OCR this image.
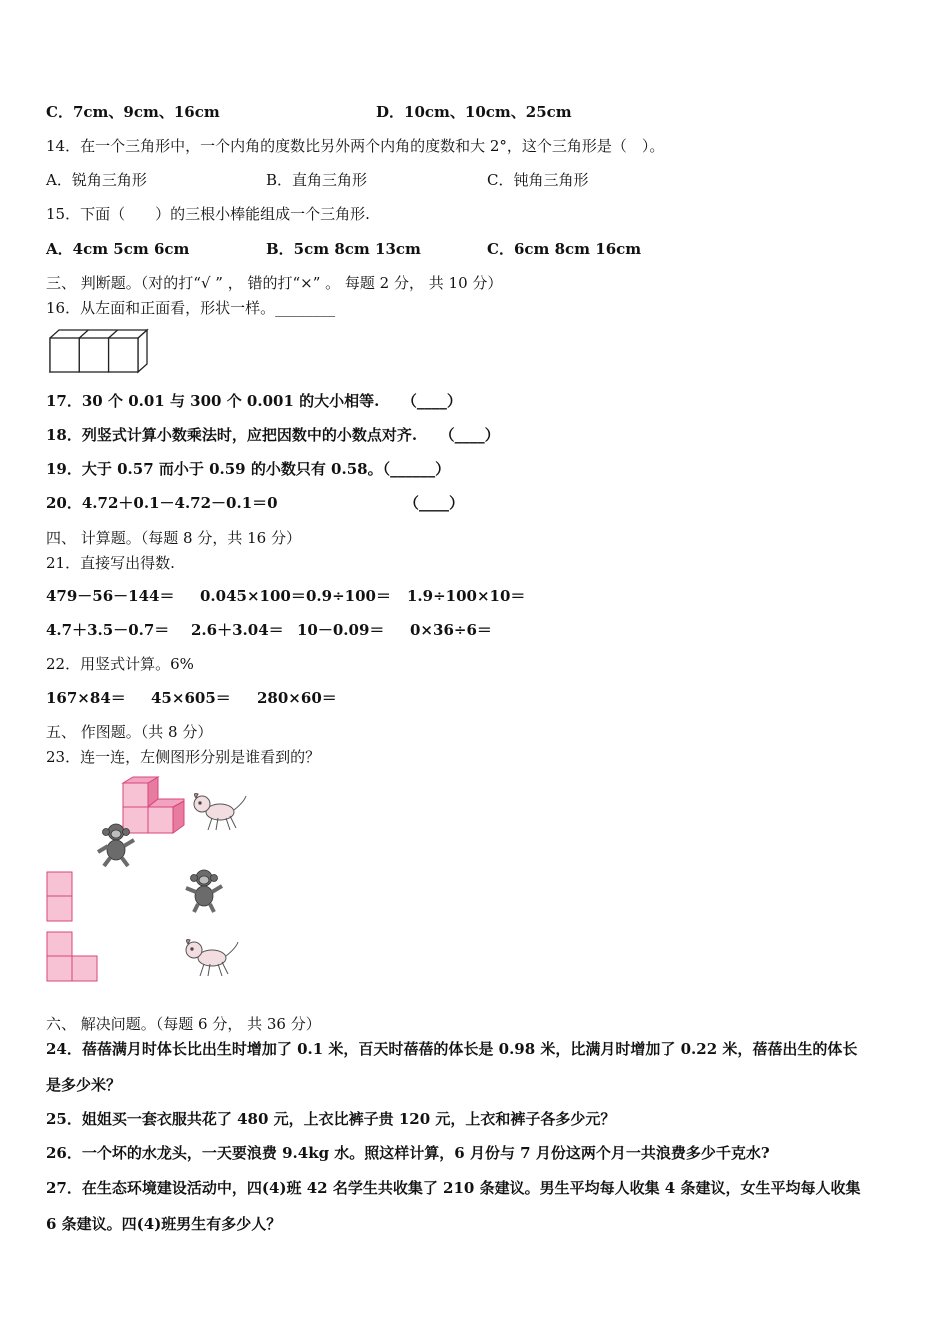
C．7cm、9cm、16cm	D．10cm、10cm、25cm
14．在一个三角形中，一个内角的度数比另外两个内角的度数和大 2°，这个三角形是（　）。
A．锐角三角形	B．直角三角形	C．钝角三角形
15．下面（　　）的三根小棒能组成一个三角形.
A．4cm 5cm 6cm	B．5cm 8cm 13cm	C．6cm 8cm 16cm
三、 判断题。（对的打“√ ” ， 错的打“×” 。 每题 2 分， 共 10 分）
16．从左面和正面看，形状一样。________
17．30 个 0.01 与 300 个 0.001 的大小相等.　　（____）
18．列竖式计算小数乘法时，应把因数中的小数点对齐.　　（____）
19．大于 0.57 而小于 0.59 的小数只有 0.58。（______）
20．4.72＋0.1－4.72－0.1＝0	（____）
四、 计算题。（每题 8 分，共 16 分）
21．直接写出得数.
479－56－144＝ 0.045×100＝ 0.9÷100＝ 1.9÷100×10＝
4.7＋3.5－0.7＝ 2.6＋3.04＝ 10－0.09＝ 0×36÷6＝
22．用竖式计算。6%
167×84＝ 45×605＝ 280×60＝
五、 作图题。（共 8 分）
23．连一连，左侧图形分别是谁看到的？
六、 解决问题。（每题 6 分， 共 36 分）
24．蓓蓓满月时体长比出生时增加了 0.1 米，百天时蓓蓓的体长是 0.98 米，比满月时增加了 0.22 米，蓓蓓出生的体长
是多少米？
25．姐姐买一套衣服共花了 480 元，上衣比裤子贵 120 元，上衣和裤子各多少元？
26．一个坏的水龙头，一天要浪费 9.4kg 水。照这样计算，6 月份与 7 月份这两个月一共浪费多少千克水?
27．在生态环境建设活动中，四(4)班 42 名学生共收集了 210 条建议。男生平均每人收集 4 条建议，女生平均每人收集
6 条建议。四(4)班男生有多少人？
